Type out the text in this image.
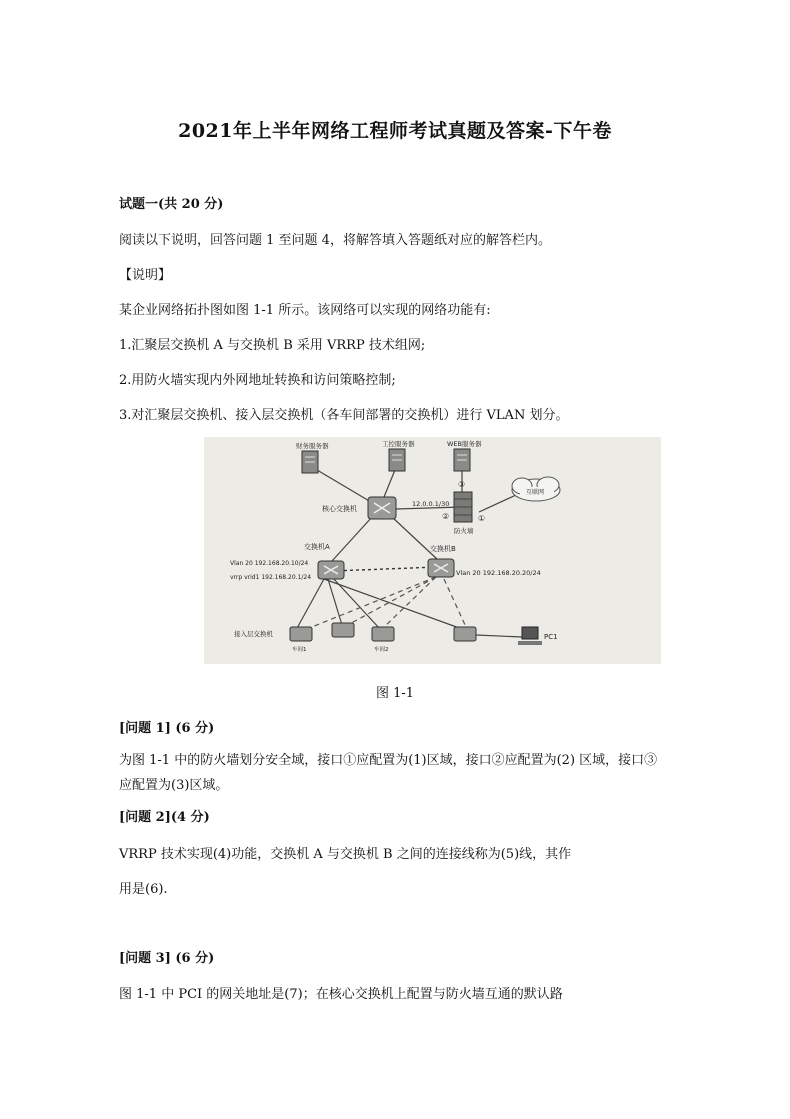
2021年上半年网络工程师考试真题及答案-下午卷
试题一(共 20 分)
阅读以下说明，回答问题 1 至问题 4，将解答填入答题纸对应的解答栏内。
【说明】
某企业网络拓扑图如图 1-1 所示。该网络可以实现的网络功能有:
1.汇聚层交换机 A 与交换机 B 采用 VRRP 技术组网;
2.用防火墙实现内外网地址转换和访问策略控制;
3.对汇聚层交换机、接入层交换机（各车间部署的交换机）进行 VLAN 划分。
财务服务器	工控服务器	WEB服务器
核心交换机
12.0.0.1/30
互联网
防火墙
③
②	①
交换机A	交换机B
Vlan 20 192.168.20.10/24
vrrp vrid1 192.168.20.1/24
Vlan 20 192.168.20.20/24
接入层交换机
车间1	车间2
PC1
图 1-1
[问题 1] (6 分)
为图 1-1 中的防火墙划分安全域，接口①应配置为(1)区域，接口②应配置为(2) 区域，接口③应配置为(3)区域。
[问题 2](4 分)
VRRP 技术实现(4)功能，交换机 A 与交换机 B 之间的连接线称为(5)线，其作
用是(6).
[问题 3] (6 分)
图 1-1 中 PCI 的网关地址是(7)；在核心交换机上配置与防火墙互通的默认路
